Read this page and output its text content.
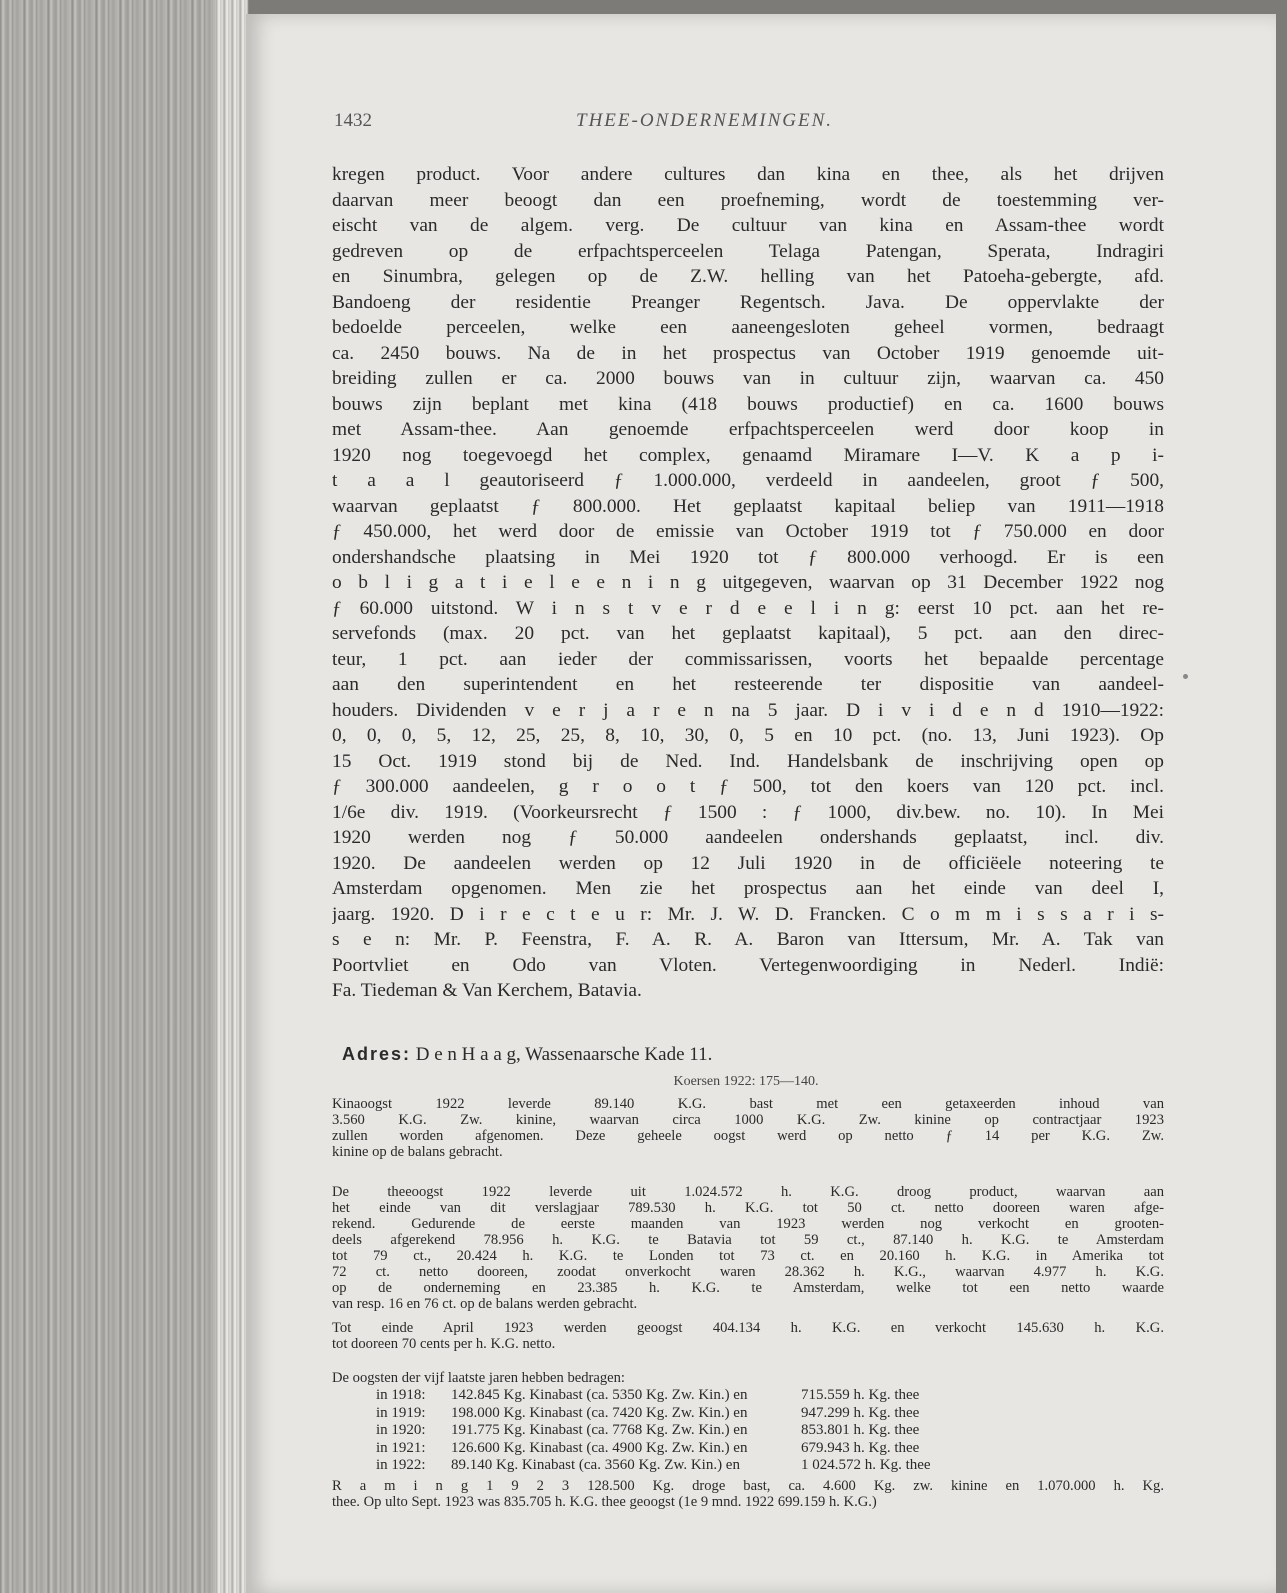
1432	THEE-ONDERNEMINGEN.
kregen product. Voor andere cultures dan kina en thee, als het drijven
daarvan meer beoogt dan een proefneming, wordt de toestemming ver-
eischt van de algem. verg. De cultuur van kina en Assam-thee wordt
gedreven op de erfpachtsperceelen Telaga Patengan, Sperata, Indragiri
en Sinumbra, gelegen op de Z.W. helling van het Patoeha-gebergte, afd.
Bandoeng der residentie Preanger Regentsch. Java. De oppervlakte der
bedoelde perceelen, welke een aaneengesloten geheel vormen, bedraagt
ca. 2450 bouws. Na de in het prospectus van October 1919 genoemde uit-
breiding zullen er ca. 2000 bouws van in cultuur zijn, waarvan ca. 450
bouws zijn beplant met kina (418 bouws productief) en ca. 1600 bouws
met Assam-thee. Aan genoemde erfpachtsperceelen werd door koop in
1920 nog toegevoegd het complex, genaamd Miramare I—V. K a p i-
t a a l geautoriseerd ƒ 1.000.000, verdeeld in aandeelen, groot ƒ 500,
waarvan geplaatst ƒ 800.000. Het geplaatst kapitaal beliep van 1911—1918
ƒ 450.000, het werd door de emissie van October 1919 tot ƒ 750.000 en door
ondershandsche plaatsing in Mei 1920 tot ƒ 800.000 verhoogd. Er is een
o b l i g a t i e l e e n i n g uitgegeven, waarvan op 31 December 1922 nog
ƒ 60.000 uitstond. W i n s t v e r d e e l i n g: eerst 10 pct. aan het re-
servefonds (max. 20 pct. van het geplaatst kapitaal), 5 pct. aan den direc-
teur, 1 pct. aan ieder der commissarissen, voorts het bepaalde percentage
aan den superintendent en het resteerende ter dispositie van aandeel-
houders. Dividenden v e r j a r e n na 5 jaar. D i v i d e n d 1910—1922:
0, 0, 0, 5, 12, 25, 25, 8, 10, 30, 0, 5 en 10 pct. (no. 13, Juni 1923). Op
15 Oct. 1919 stond bij de Ned. Ind. Handelsbank de inschrijving open op
ƒ 300.000 aandeelen, g r o o t ƒ 500, tot den koers van 120 pct. incl.
1/6e div. 1919. (Voorkeursrecht ƒ 1500 : ƒ 1000, div.bew. no. 10). In Mei
1920 werden nog ƒ 50.000 aandeelen ondershands geplaatst, incl. div.
1920. De aandeelen werden op 12 Juli 1920 in de officiëele noteering te
Amsterdam opgenomen. Men zie het prospectus aan het einde van deel I,
jaarg. 1920. D i r e c t e u r: Mr. J. W. D. Francken. C o m m i s s a r i s-
s e n: Mr. P. Feenstra, F. A. R. A. Baron van Ittersum, Mr. A. Tak van
Poortvliet en Odo van Vloten. Vertegenwoordiging in Nederl. Indië:
Fa. Tiedeman & Van Kerchem, Batavia.
Adres: D e n H a a g, Wassenaarsche Kade 11.
Koersen 1922: 175—140.
Kinaoogst 1922 leverde 89.140 K.G. bast met een getaxeerden inhoud van
3.560 K.G. Zw. kinine, waarvan circa 1000 K.G. Zw. kinine op contractjaar 1923
zullen worden afgenomen. Deze geheele oogst werd op netto ƒ 14 per K.G. Zw.
kinine op de balans gebracht.
De theeoogst 1922 leverde uit 1.024.572 h. K.G. droog product, waarvan aan
het einde van dit verslagjaar 789.530 h. K.G. tot 50 ct. netto dooreen waren afge-
rekend. Gedurende de eerste maanden van 1923 werden nog verkocht en grooten-
deels afgerekend 78.956 h. K.G. te Batavia tot 59 ct., 87.140 h. K.G. te Amsterdam
tot 79 ct., 20.424 h. K.G. te Londen tot 73 ct. en 20.160 h. K.G. in Amerika tot
72 ct. netto dooreen, zoodat onverkocht waren 28.362 h. K.G., waarvan 4.977 h. K.G.
op de onderneming en 23.385 h. K.G. te Amsterdam, welke tot een netto waarde
van resp. 16 en 76 ct. op de balans werden gebracht.
Tot einde April 1923 werden geoogst 404.134 h. K.G. en verkocht 145.630 h. K.G.
tot dooreen 70 cents per h. K.G. netto.
De oogsten der vijf laatste jaren hebben bedragen:
in 1918: 142.845 Kg. Kinabast (ca. 5350 Kg. Zw. Kin.) en	715.559 h. Kg. thee
in 1919: 198.000 Kg. Kinabast (ca. 7420 Kg. Zw. Kin.) en	947.299 h. Kg. thee
in 1920: 191.775 Kg. Kinabast (ca. 7768 Kg. Zw. Kin.) en	853.801 h. Kg. thee
in 1921: 126.600 Kg. Kinabast (ca. 4900 Kg. Zw. Kin.) en	679.943 h. Kg. thee
in 1922: 89.140 Kg. Kinabast (ca. 3560 Kg. Zw. Kin.) en	1 024.572 h. Kg. thee
R a m i n g 1 9 2 3 128.500 Kg. droge bast, ca. 4.600 Kg. zw. kinine en 1.070.000 h. Kg.
thee. Op ulto Sept. 1923 was 835.705 h. K.G. thee geoogst (1e 9 mnd. 1922 699.159 h. K.G.)
